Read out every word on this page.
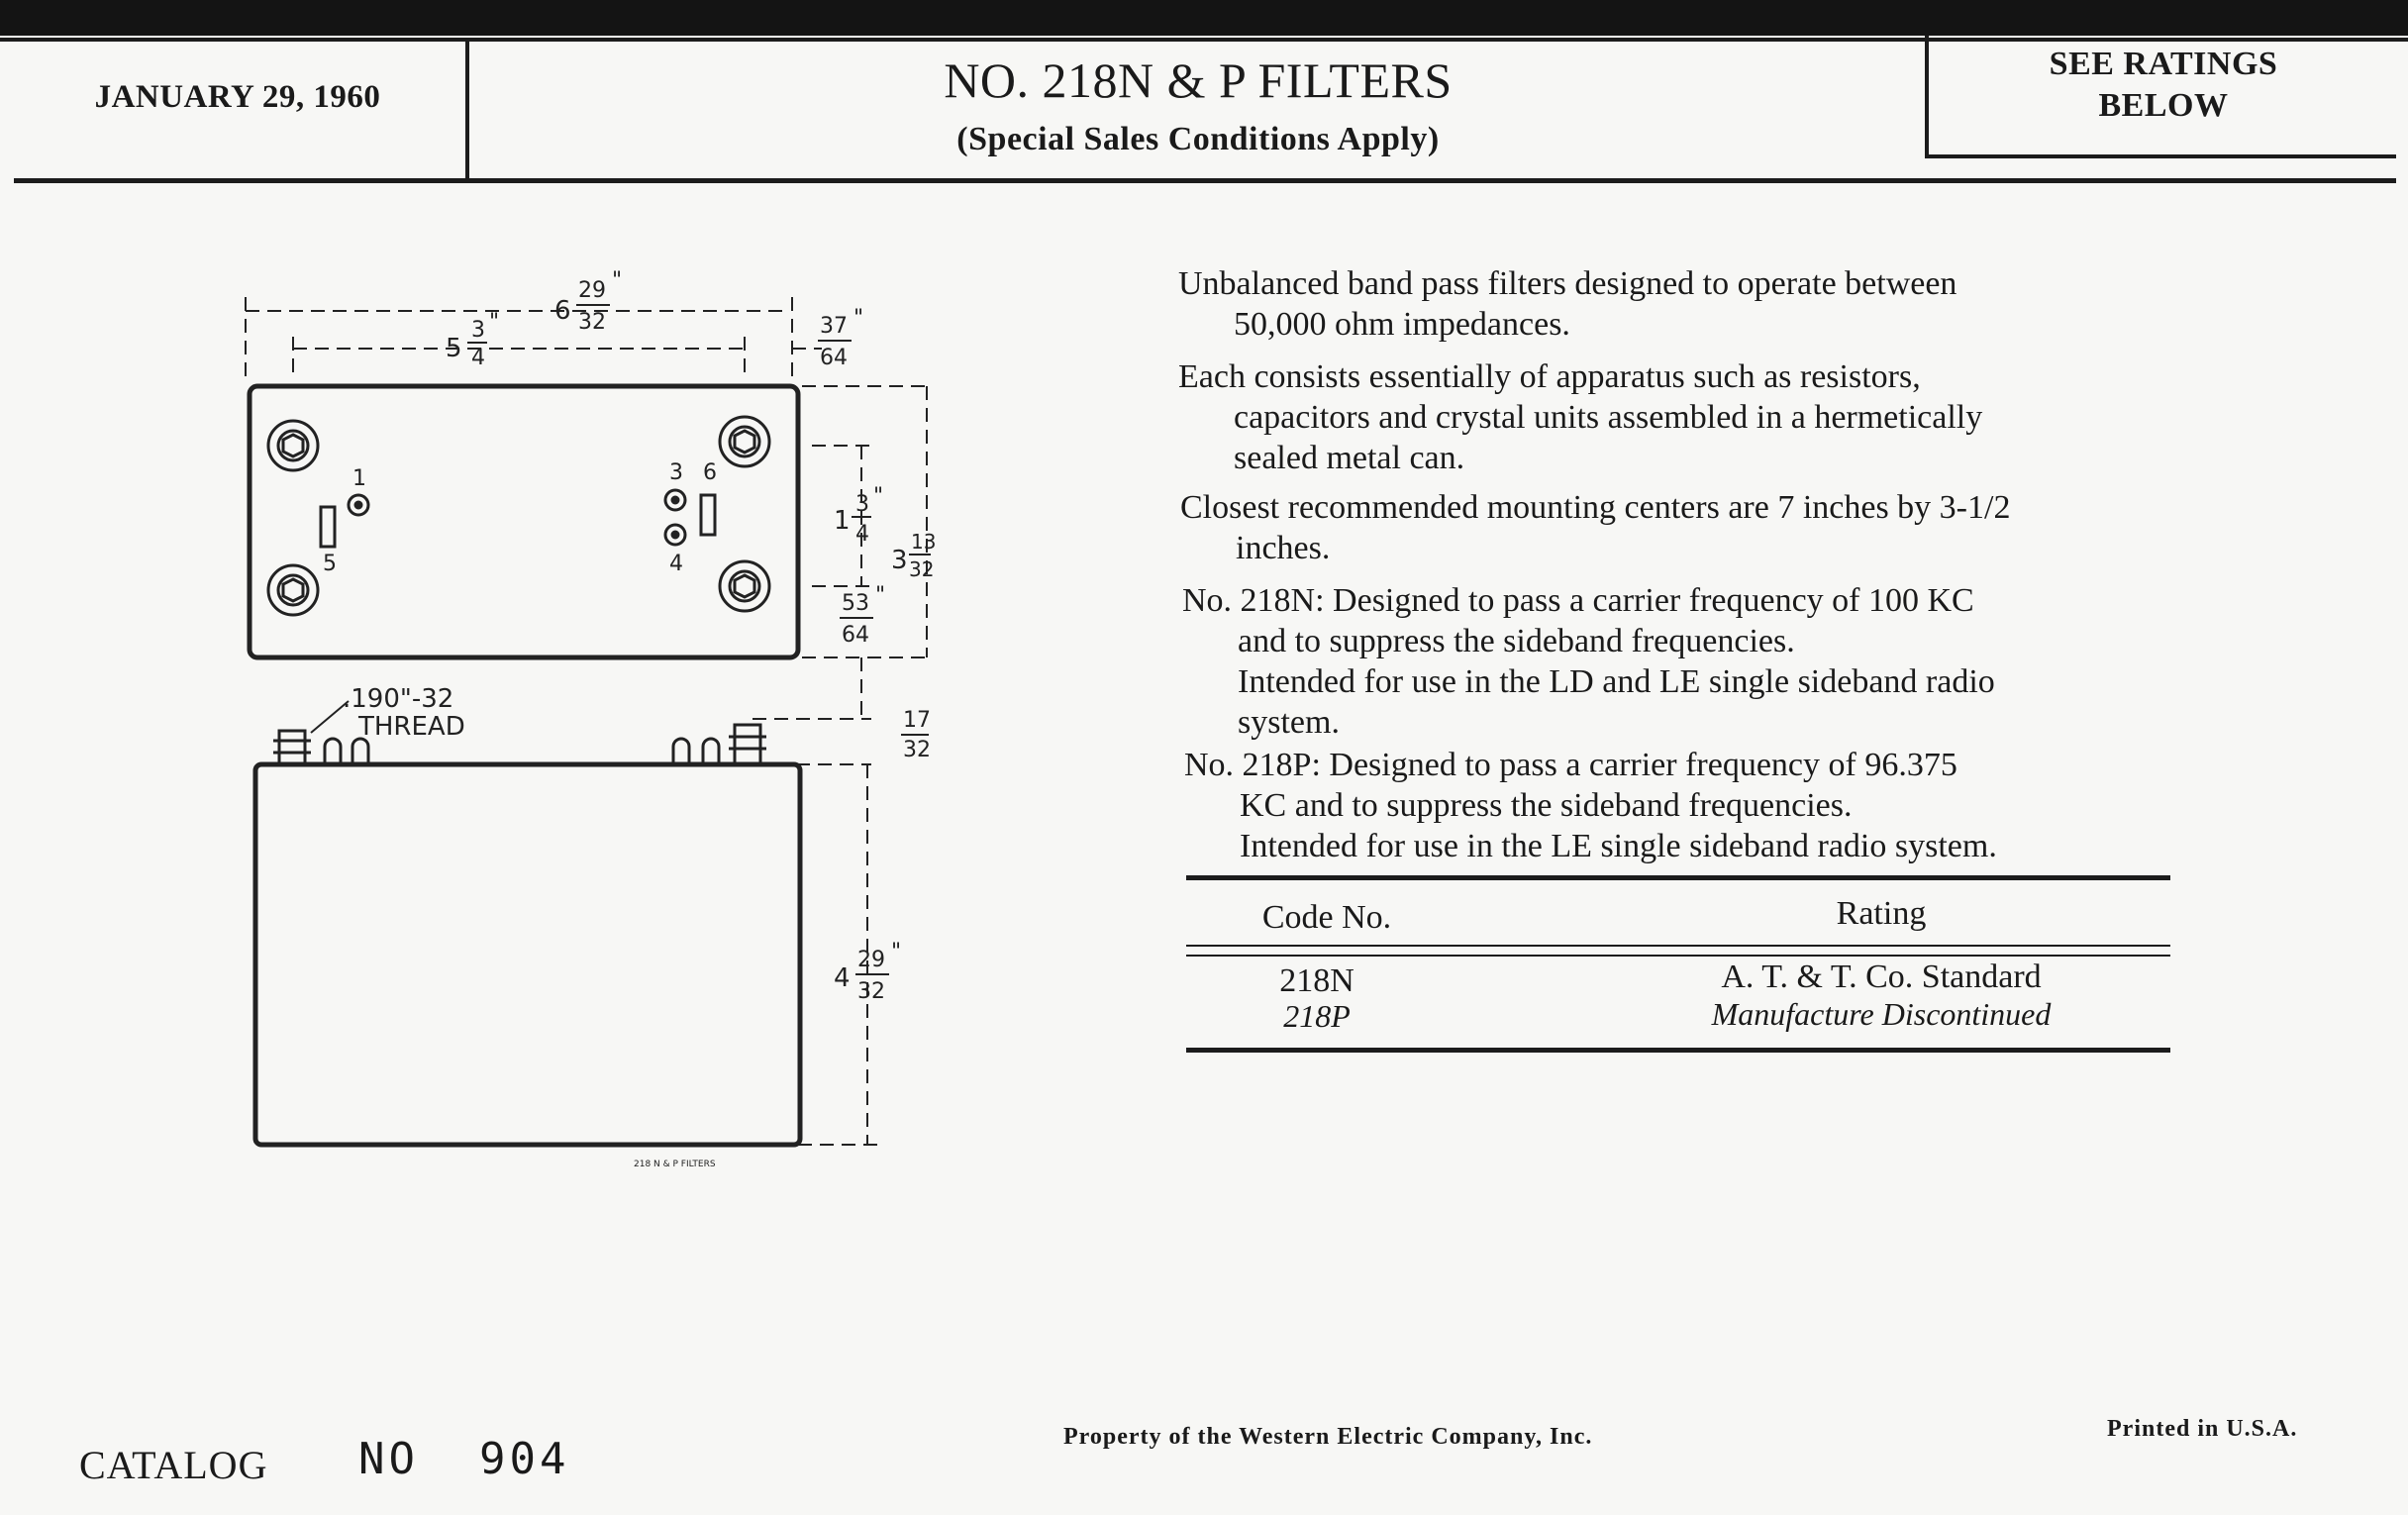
JANUARY 29, 1960	NO. 218N & P FILTERS
(Special Sales Conditions Apply)
SEE RATINGS
BELOW
1
5
3 6
4
6
29
32
"
5
3
4
"	37
64
"
1
3
4
"
53
64
"
3
13
32
17
32
4
29
32
"
.190"-32
THREAD
218 N & P FILTERS

Unbalanced band pass filters designed to operate between

50,000 ohm impedances.

Each consists essentially of apparatus such as resistors,

capacitors and crystal units assembled in a hermetically

sealed metal can.

Closest recommended mounting centers are 7 inches by 3-1/2

inches.

No. 218N: Designed to pass a carrier frequency of 100 KC

and to suppress the sideband frequencies.

Intended for use in the LD and LE single sideband radio

system.

No. 218P: Designed to pass a carrier frequency of 96.375

KC and to suppress the sideband frequencies.

Intended for use in the LE single sideband radio system.

Code No.	Rating
218N	A. T. & T. Co. Standard
218P	Manufacture Discontinued
CATALOG NO  904	Property of the Western Electric Company, Inc.	Printed in U.S.A.
